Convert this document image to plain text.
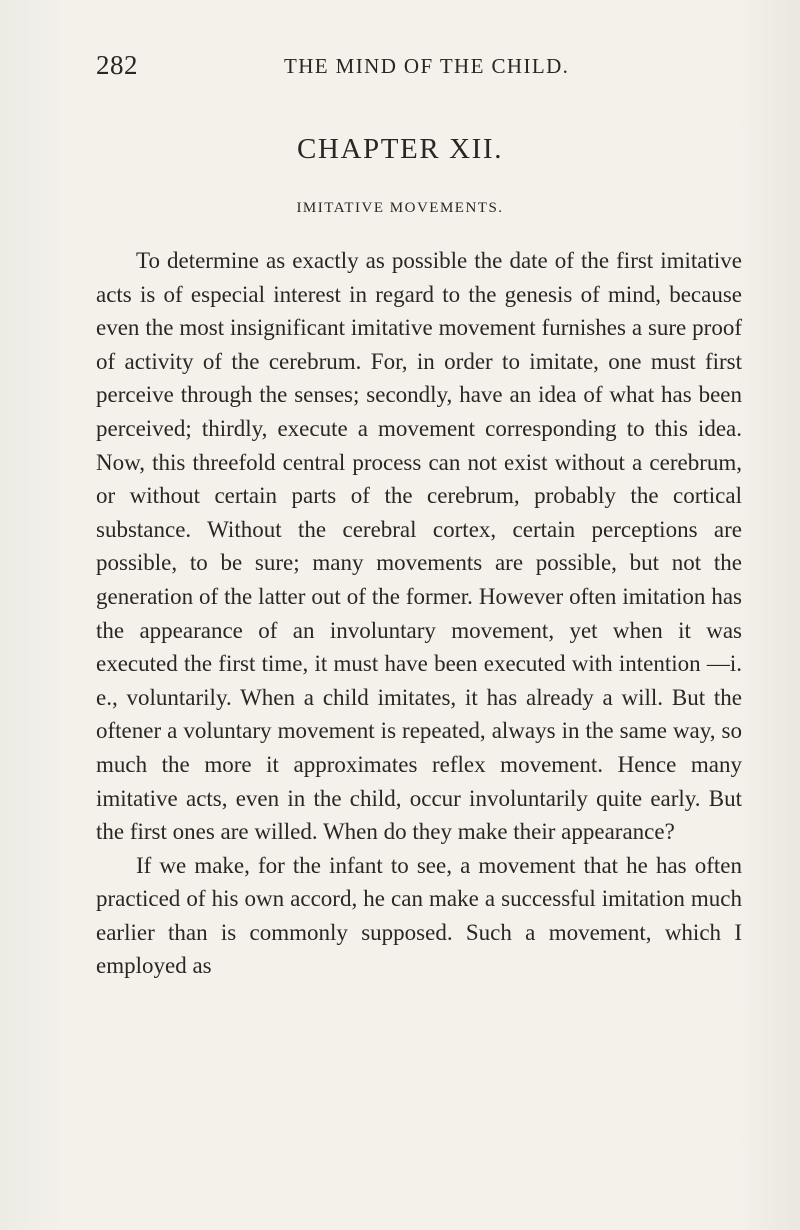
282	THE MIND OF THE CHILD.
CHAPTER XII.
IMITATIVE MOVEMENTS.

To determine as exactly as possible the date of the first imitative acts is of especial interest in regard to the genesis of mind, because even the most insignificant imitative movement furnishes a sure proof of activity of the cerebrum. For, in order to imitate, one must first perceive through the senses; secondly, have an idea of what has been perceived; thirdly, execute a movement corresponding to this idea. Now, this threefold central process can not exist without a cerebrum, or without certain parts of the cerebrum, probably the cortical substance. Without the cerebral cortex, certain perceptions are possible, to be sure; many movements are possible, but not the generation of the latter out of the former. However often imitation has the appearance of an involuntary movement, yet when it was executed the first time, it must have been executed with intention —i. e., voluntarily. When a child imitates, it has already a will. But the oftener a voluntary movement is repeated, always in the same way, so much the more it approximates reflex movement. Hence many imitative acts, even in the child, occur involuntarily quite early. But the first ones are willed. When do they make their appearance?

If we make, for the infant to see, a movement that he has often practiced of his own accord, he can make a successful imitation much earlier than is commonly supposed. Such a movement, which I employed as
